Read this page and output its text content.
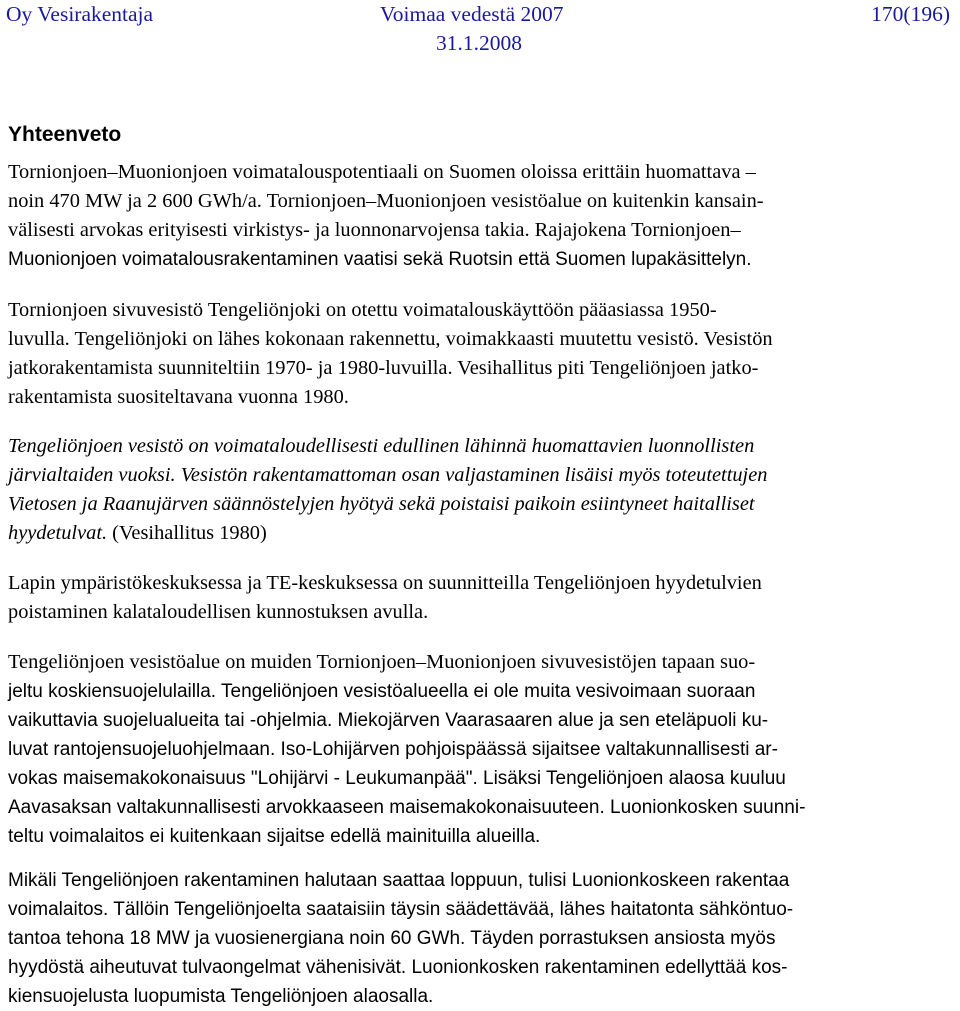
Oy Vesirakentaja	Voimaa vedestä 2007	170(196)
31.1.2008
Yhteenveto
Tornionjoen–Muonionjoen voimatalouspotentiaali on Suomen oloissa erittäin huomattava –
noin 470 MW ja 2 600 GWh/a. Tornionjoen–Muonionjoen vesistöalue on kuitenkin kansain-
välisesti arvokas erityisesti virkistys- ja luonnonarvojensa takia. Rajajokena Tornionjoen–
Muonionjoen voimatalousrakentaminen vaatisi sekä Ruotsin että Suomen lupakäsittelyn.
Tornionjoen sivuvesistö Tengeliönjoki on otettu voimatalouskäyttöön pääasiassa 1950-
luvulla. Tengeliönjoki on lähes kokonaan rakennettu, voimakkaasti muutettu vesistö. Vesistön
jatkorakentamista suunniteltiin 1970- ja 1980-luvuilla. Vesihallitus piti Tengeliönjoen jatko-
rakentamista suositeltavana vuonna 1980.
Tengeliönjoen vesistö on voimataloudellisesti edullinen lähinnä huomattavien luonnollisten
järvialtaiden vuoksi. Vesistön rakentamattoman osan valjastaminen lisäisi myös toteutettujen
Vietosen ja Raanujärven säännöstelyjen hyötyä sekä poistaisi paikoin esiintyneet haitalliset
hyydetulvat. (Vesihallitus 1980)
Lapin ympäristökeskuksessa ja TE-keskuksessa on suunnitteilla Tengeliönjoen hyydetulvien
poistaminen kalataloudellisen kunnostuksen avulla.
Tengeliönjoen vesistöalue on muiden Tornionjoen–Muonionjoen sivuvesistöjen tapaan suo-
jeltu koskiensuojelulailla. Tengeliönjoen vesistöalueella ei ole muita vesivoimaan suoraan
vaikuttavia suojelualueita tai -ohjelmia. Miekojärven Vaarasaaren alue ja sen eteläpuoli ku-
luvat rantojensuojeluohjelmaan. Iso-Lohijärven pohjoispäässä sijaitsee valtakunnallisesti ar-
vokas maisemakokonaisuus "Lohijärvi - Leukumanpää". Lisäksi Tengeliönjoen alaosa kuuluu
Aavasaksan valtakunnallisesti arvokkaaseen maisemakokonaisuuteen. Luonionkosken suunni-
teltu voimalaitos ei kuitenkaan sijaitse edellä mainituilla alueilla.
Mikäli Tengeliönjoen rakentaminen halutaan saattaa loppuun, tulisi Luonionkoskeen rakentaa
voimalaitos. Tällöin Tengeliönjoelta saataisiin täysin säädettävää, lähes haitatonta sähköntuo-
tantoa tehona 18 MW ja vuosienergiana noin 60 GWh. Täyden porrastuksen ansiosta myös
hyydöstä aiheutuvat tulvaongelmat vähenisivät. Luonionkosken rakentaminen edellyttää kos-
kiensuojelusta luopumista Tengeliönjoen alaosalla.
